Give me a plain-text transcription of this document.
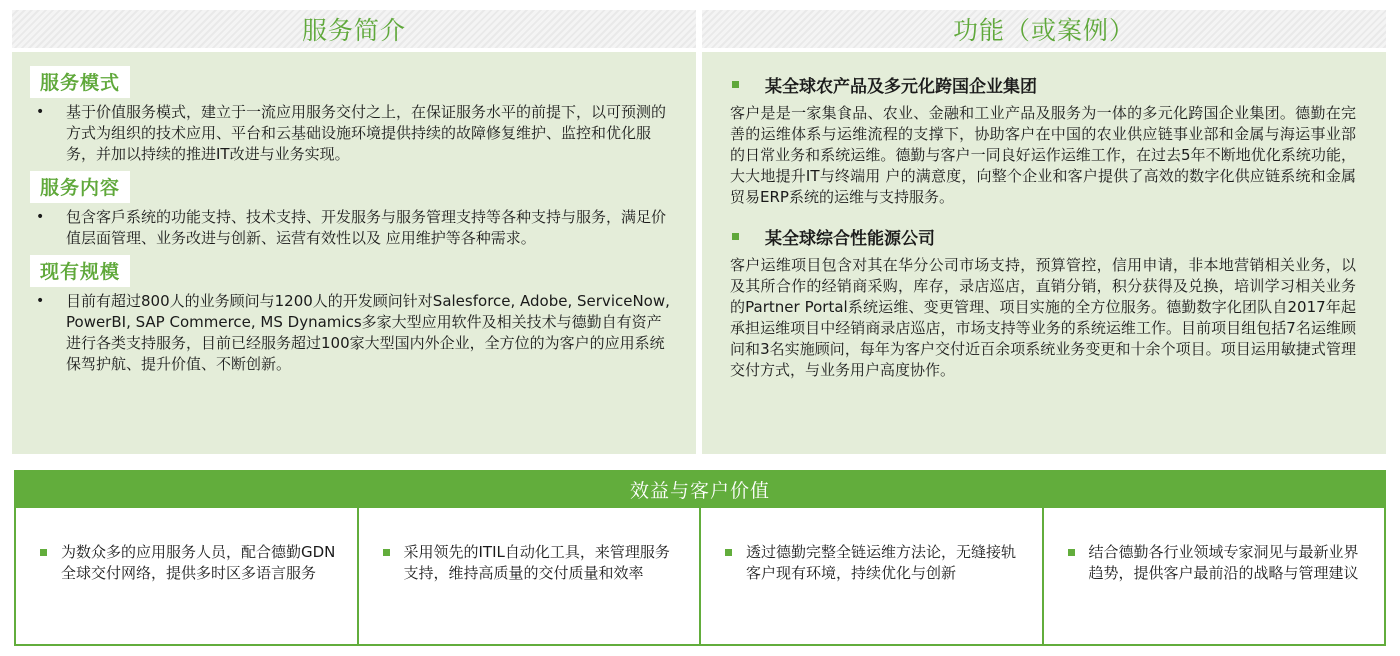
服务简介	功能（或案例）
服务模式
•	基于价值服务模式，建立于一流应用服务交付之上，在保证服务水平的前提下，以可预测的方式为组织的技术应用、平台和云基础设施环境提供持续的故障修复维护、监控和优化服务，并加以持续的推进IT改进与业务实现。
服务内容
•	包含客戶系统的功能支持、技术支持、开发服务与服务管理支持等各种支持与服务，满足价值层面管理、业务改进与创新、运营有效性以及 应用维护等各种需求。
现有规模
•	目前有超过800人的业务顾问与1200人的开发顾问针对Salesforce, Adobe, ServiceNow, PowerBI, SAP Commerce, MS Dynamics多家大型应用软件及相关技术与德勤自有资产进行各类支持服务，目前已经服务超过100家大型国内外企业，全方位的为客户的应用系统保驾护航、提升价值、不断创新。
某全球农产品及多元化跨国企业集团
客户是是一家集食品、农业、金融和工业产品及服务为一体的多元化跨国企业集团。德勤在完善的运维体系与运维流程的支撑下，协助客户在中国的农业供应链事业部和金属与海运事业部的日常业务和系统运维。德勤与客户一同良好运作运维工作，在过去5年不断地优化系统功能，大大地提升IT与终端用 户的满意度，向整个企业和客户提供了高效的数字化供应链系统和金属贸易ERP系统的运维与支持服务。
某全球综合性能源公司
客户运维项目包含对其在华分公司市场支持，预算管控，信用申请，非本地营销相关业务，以及其所合作的经销商采购，库存，录店巡店，直销分销，积分获得及兑换，培训学习相关业务的Partner Portal系统运维、变更管理、项目实施的全方位服务。德勤数字化团队自2017年起承担运维项目中经销商录店巡店，市场支持等业务的系统运维工作。目前项目组包括7名运维顾问和3名实施顾问，每年为客户交付近百余项系统业务变更和十余个项目。项目运用敏捷式管理交付方式，与业务用户高度协作。
效益与客户价值
为数众多的应用服务人员，配合德勤GDN全球交付网络，提供多时区多语言服务
采用领先的ITIL自动化工具，来管理服务支持，维持高质量的交付质量和效率
透过德勤完整全链运维方法论，无缝接轨客户现有环境，持续优化与创新
结合德勤各行业领域专家洞见与最新业界趋势，提供客户最前沿的战略与管理建议
